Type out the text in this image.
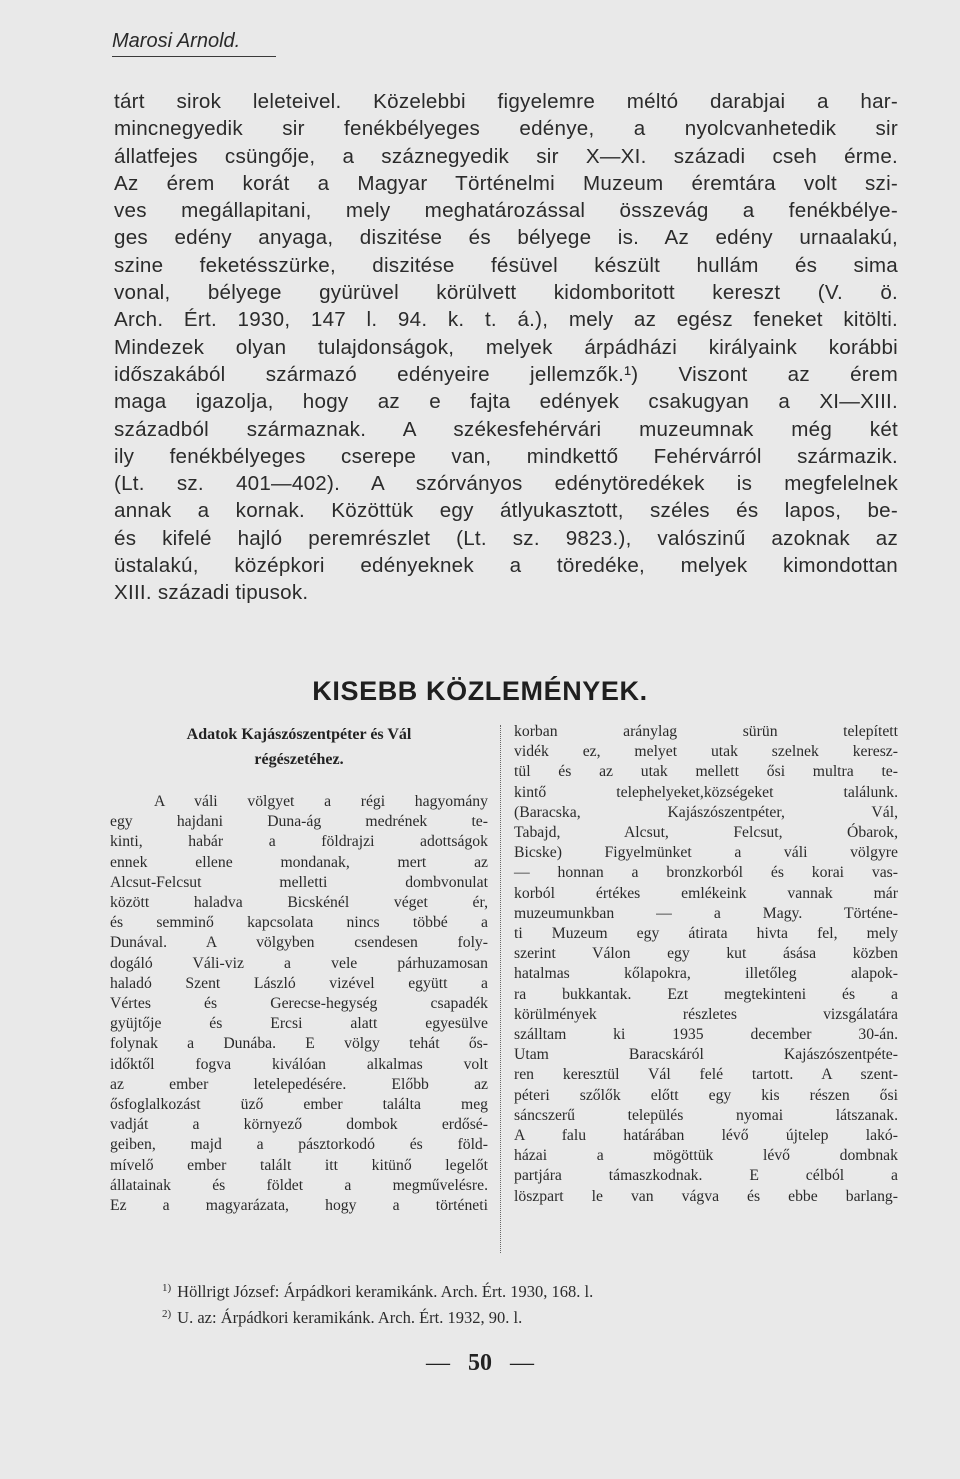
Marosi Arnold.
tárt sirok leleteivel. Közelebbi figyelemre méltó darabjai a har-
mincnegyedik sir fenékbélyeges edénye, a nyolcvanhetedik sir
állatfejes csüngője, a száznegyedik sir X—XI. századi cseh érme.
Az érem korát a Magyar Történelmi Muzeum éremtára volt szi-
ves megállapitani, mely meghatározással összevág a fenékbélye-
ges edény anyaga, diszitése és bélyege is. Az edény urnaalakú,
szine feketésszürke, diszitése fésüvel készült hullám és sima
vonal, bélyege gyürüvel körülvett kidomboritott kereszt (V. ö.
Arch. Ért. 1930, 147 l. 94. k. t. á.), mely az egész feneket kitölti.
Mindezek olyan tulajdonságok, melyek árpádházi királyaink korábbi
időszakából származó edényeire jellemzők.¹) Viszont az érem
maga igazolja, hogy az e fajta edények csakugyan a XI—XIII.
századból származnak. A székesfehérvári muzeumnak még két
ily fenékbélyeges cserepe van, mindkettő Fehérvárról származik.
(Lt. sz. 401—402). A szórványos edénytöredékek is megfelelnek
annak a kornak. Közöttük egy átlyukasztott, széles és lapos, be-
és kifelé hajló peremrészlet (Lt. sz. 9823.), valószinű azoknak az
üstalakú, középkori edényeknek a töredéke, melyek kimondottan
XIII. századi tipusok.
KISEBB KÖZLEMÉNYEK.
Adatok Kajászószentpéter és Vál
régészetéhez.
A váli völgyet a régi hagyomány
egy hajdani Duna-ág medrének te-
kinti, habár a földrajzi adottságok
ennek ellene mondanak, mert az
Alcsut-Felcsut melletti dombvonulat
között haladva Bicskénél véget ér,
és semminő kapcsolata nincs többé a
Dunával. A völgyben csendesen foly-
dogáló Váli-viz a vele párhuzamosan
haladó Szent László vizével együtt a
Vértes és Gerecse-hegység csapadék
gyüjtője és Ercsi alatt egyesülve
folynak a Dunába. E völgy tehát ős-
időktől fogva kiválóan alkalmas volt
az ember letelepedésére. Előbb az
ősfoglalkozást üző ember találta meg
vadját a környező dombok erdősé-
geiben, majd a pásztorkodó és föld-
mívelő ember talált itt kitünő legelőt
állatainak és földet a megművelésre.
Ez a magyarázata, hogy a történeti
korban aránylag sürün telepített
vidék ez, melyet utak szelnek keresz-
tül és az utak mellett ősi multra te-
kintő telephelyeket,községeket találunk.
(Baracska, Kajászószentpéter, Vál,
Tabajd, Alcsut, Felcsut, Óbarok,
Bicske) Figyelmünket a váli völgyre
— honnan a bronzkorból és korai vas-
korból értékes emlékeink vannak már
muzeumunkban — a Magy. Történe-
ti Muzeum egy átirata hivta fel, mely
szerint Válon egy kut ásása közben
hatalmas kőlapokra, illetőleg alapok-
ra bukkantak. Ezt megtekinteni és a
körülmények részletes vizsgálatára
szálltam ki 1935 december 30-án.
Utam Baracskáról Kajászószentpéte-
ren keresztül Vál felé tartott. A szent-
péteri szőlők előtt egy kis részen ősi
sáncszerű település nyomai látszanak.
A falu határában lévő újtelep lakó-
házai a mögöttük lévő dombnak
partjára támaszkodnak. E célból a
löszpart le van vágva és ebbe barlang-
$^{1)}$ Höllrigt József: Árpádkori keramikánk. Arch. Ért. 1930, 168. l.
$^{2)}$ U. az: Árpádkori keramikánk. Arch. Ért. 1932, 90. l.
— 50 —
